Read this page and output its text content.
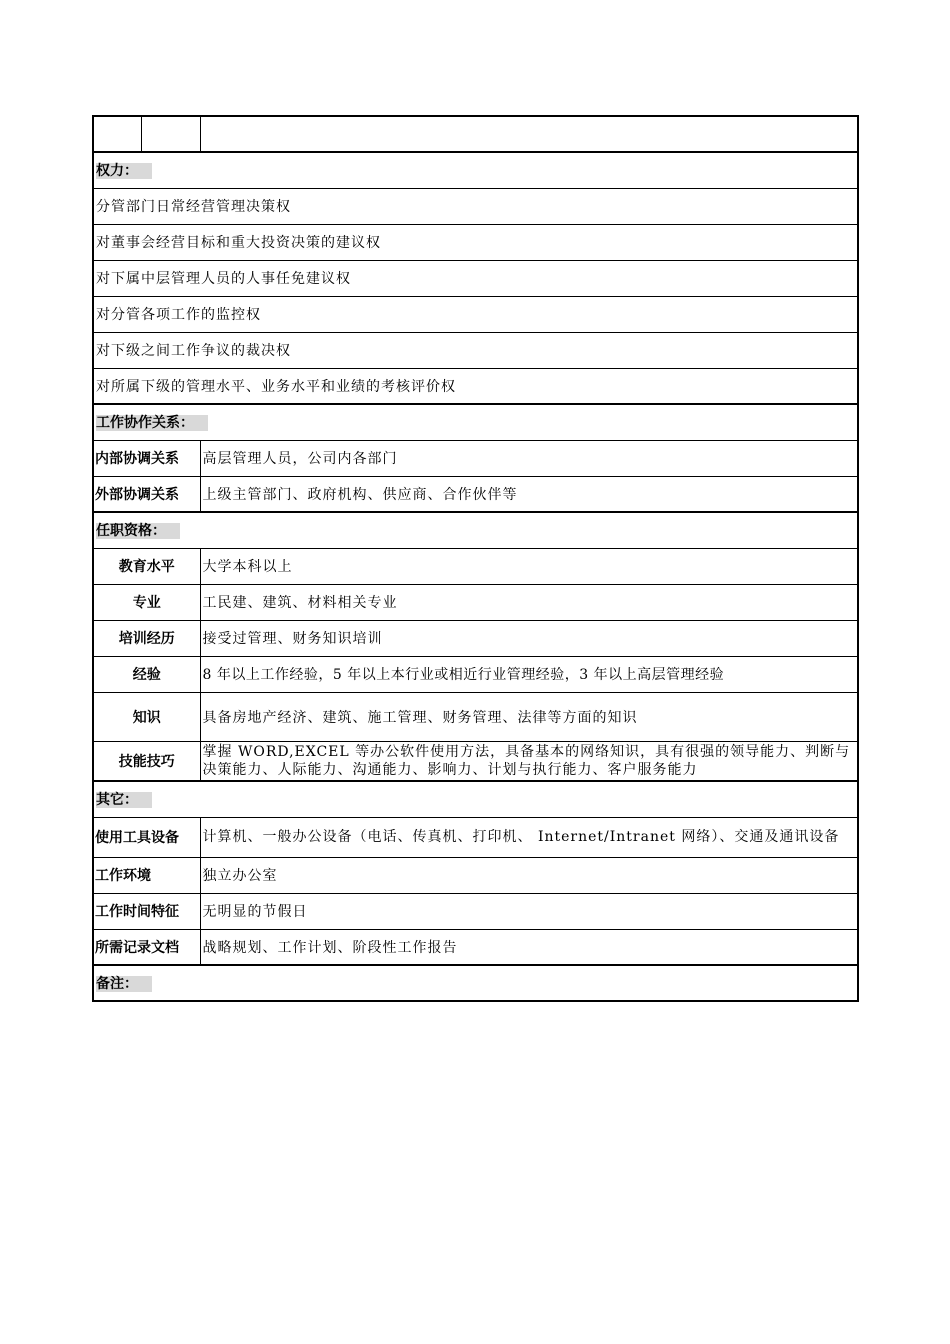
权力：		
分管部门日常经营管理决策权		
对董事会经营目标和重大投资决策的建议权		
对下属中层管理人员的人事任免建议权		
对分管各项工作的监控权		
对下级之间工作争议的裁决权		
对所属下级的管理水平、业务水平和业绩的考核评价权		
工作协作关系：		
内部协调关系		高层管理人员，公司内各部门
外部协调关系		上级主管部门、政府机构、供应商、合作伙伴等
任职资格：		
教育水平		大学本科以上
专业		工民建、建筑、材料相关专业
培训经历		接受过管理、财务知识培训
经验		8 年以上工作经验，5 年以上本行业或相近行业管理经验，3 年以上高层管理经验
知识		具备房地产经济、建筑、施工管理、财务管理、法律等方面的知识
技能技巧		掌握 WORD,EXCEL 等办公软件使用方法，具备基本的网络知识，具有很强的领导能力、判断与决策能力、人际能力、沟通能力、影响力、计划与执行能力、客户服务能力
其它：		
使用工具设备		计算机、一般办公设备（电话、传真机、打印机、 Internet/Intranet 网络）、交通及通讯设备
工作环境		独立办公室
工作时间特征		无明显的节假日
所需记录文档		战略规划、工作计划、阶段性工作报告
备注：		
